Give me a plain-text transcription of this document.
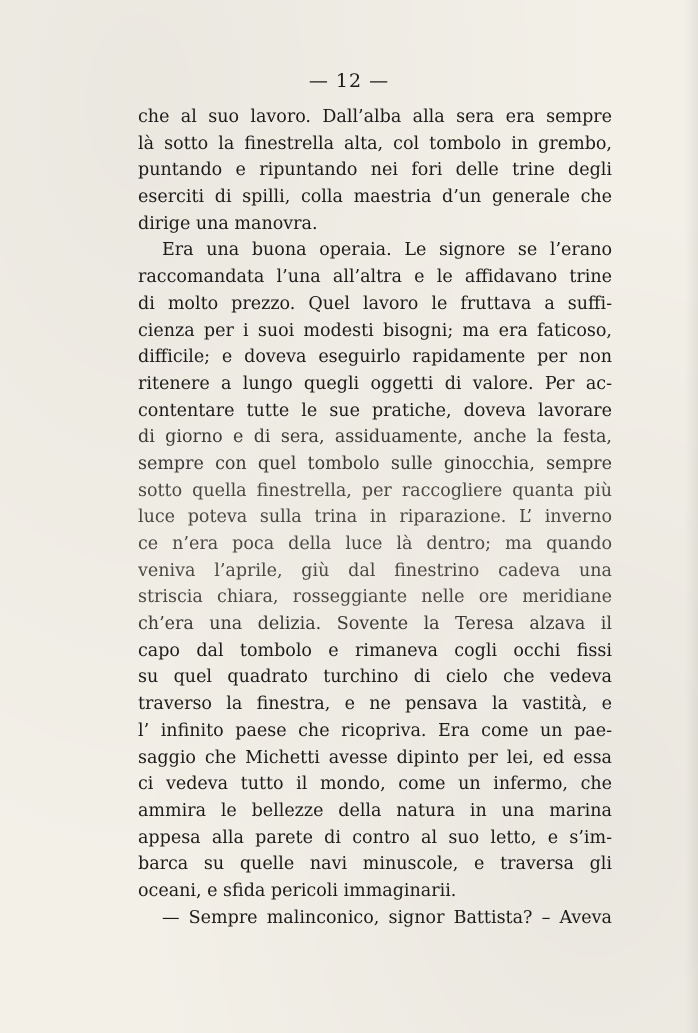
— 12 —
che al suo lavoro. Dall’alba alla sera era sempre
là sotto la finestrella alta, col tombolo in grembo,
puntando e ripuntando nei fori delle trine degli
eserciti di spilli, colla maestria d’un generale che
dirige una manovra.
Era una buona operaia. Le signore se l’erano
raccomandata l’una all’altra e le affidavano trine
di molto prezzo. Quel lavoro le fruttava a suffi-
cienza per i suoi modesti bisogni; ma era faticoso,
difficile; e doveva eseguirlo rapidamente per non
ritenere a lungo quegli oggetti di valore. Per ac-
contentare tutte le sue pratiche, doveva lavorare
di giorno e di sera, assiduamente, anche la festa,
sempre con quel tombolo sulle ginocchia, sempre
sotto quella finestrella, per raccogliere quanta più
luce poteva sulla trina in riparazione. L’ inverno
ce n’era poca della luce là dentro; ma quando
veniva l’aprile, giù dal finestrino cadeva una
striscia chiara, rosseggiante nelle ore meridiane
ch’era una delizia. Sovente la Teresa alzava il
capo dal tombolo e rimaneva cogli occhi fissi
su quel quadrato turchino di cielo che vedeva
traverso la finestra, e ne pensava la vastità, e
l’ infinito paese che ricopriva. Era come un pae-
saggio che Michetti avesse dipinto per lei, ed essa
ci vedeva tutto il mondo, come un infermo, che
ammira le bellezze della natura in una marina
appesa alla parete di contro al suo letto, e s’im-
barca su quelle navi minuscole, e traversa gli
oceani, e sfida pericoli immaginarii.
— Sempre malinconico, signor Battista? – Aveva
